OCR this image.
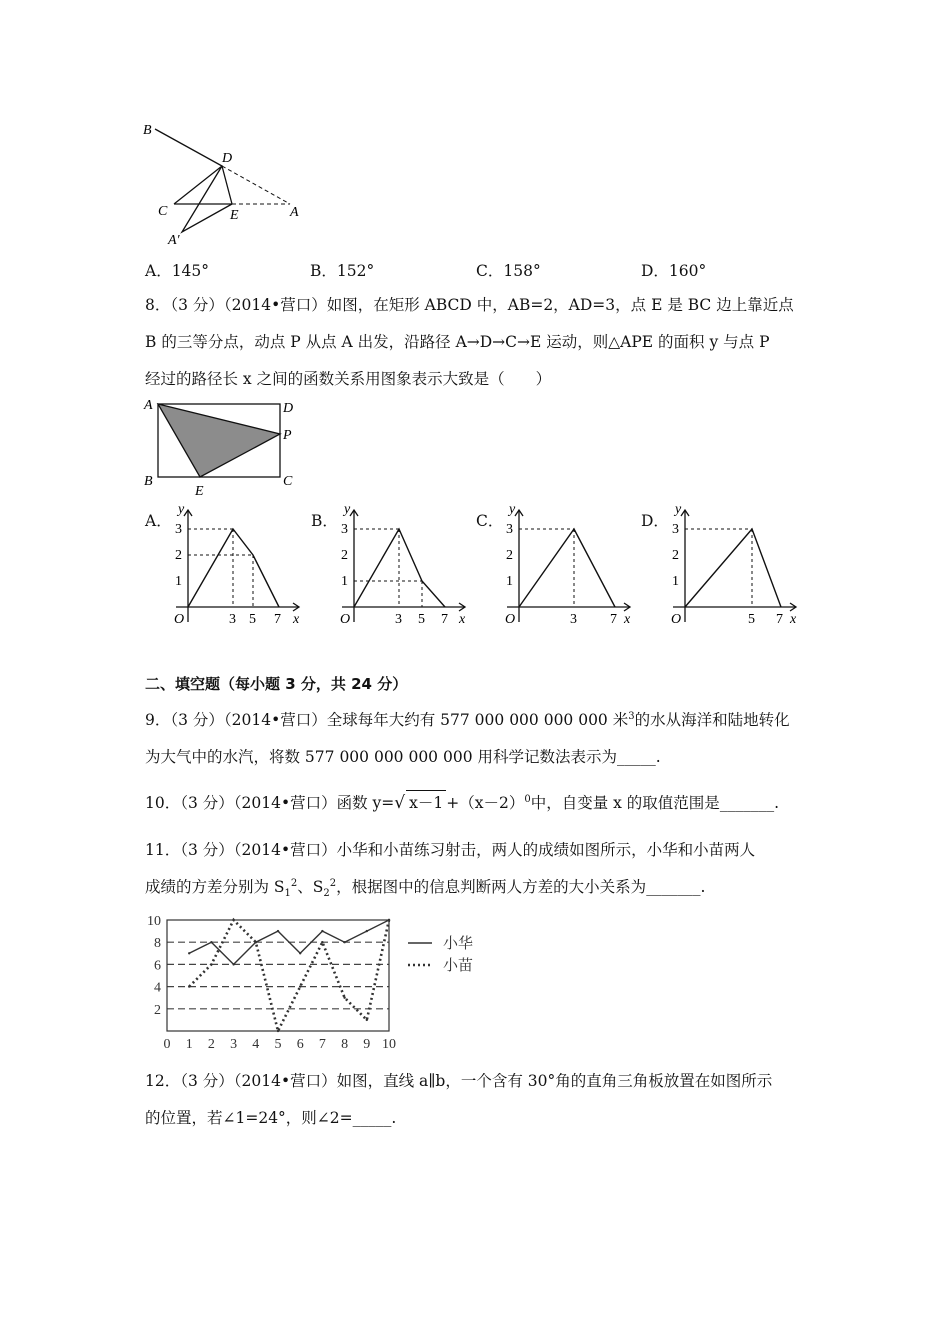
B
D
C	E	A
A′
A．145°	B．152°	C．158°	D．160°
8．（3 分）（2014•营口）如图，在矩形 ABCD 中，AB=2，AD=3，点 E 是 BC 边上靠近点
B 的三等分点，动点 P 从点 A 出发，沿路径 A→D→C→E 运动，则△APE 的面积 y 与点 P
经过的路径长 x 之间的函数关系用图象表示大致是（　　）
A	D
P
B
E
C
A．	B．	C．	D．
3
2
1
3 5 7
O
y
x
3
2
1
3 5 7
O
y
x
3
2
1
3 7
O
y
x
3
2
1
5 7
O
y
x
二、填空题（每小题 3 分，共 24 分）
9．（3 分）（2014•营口）全球每年大约有 577 000 000 000 000 米$^3$的水从海洋和陆地转化
为大气中的水汽，将数 577 000 000 000 000 用科学记数法表示为_____.
10．（3 分）（2014•营口）函数 y=√ $x-1 +(x-2)^0$中，自变量 x 的取值范围是_______.
11．（3 分）（2014•营口）小华和小苗练习射击，两人的成绩如图所示，小华和小苗两人
成绩的方差分别为 $S_1^2$、$S_2^2$，根据图中的信息判断两人方差的大小关系为_______.
2
4
6
8
10
0 1 2 3 4 5 6 7 8 9 10
小华
小苗
12．（3 分）（2014•营口）如图，直线 a∥b，一个含有 30°角的直角三角板放置在如图所示
的位置，若∠1=24°，则∠2=_____.
